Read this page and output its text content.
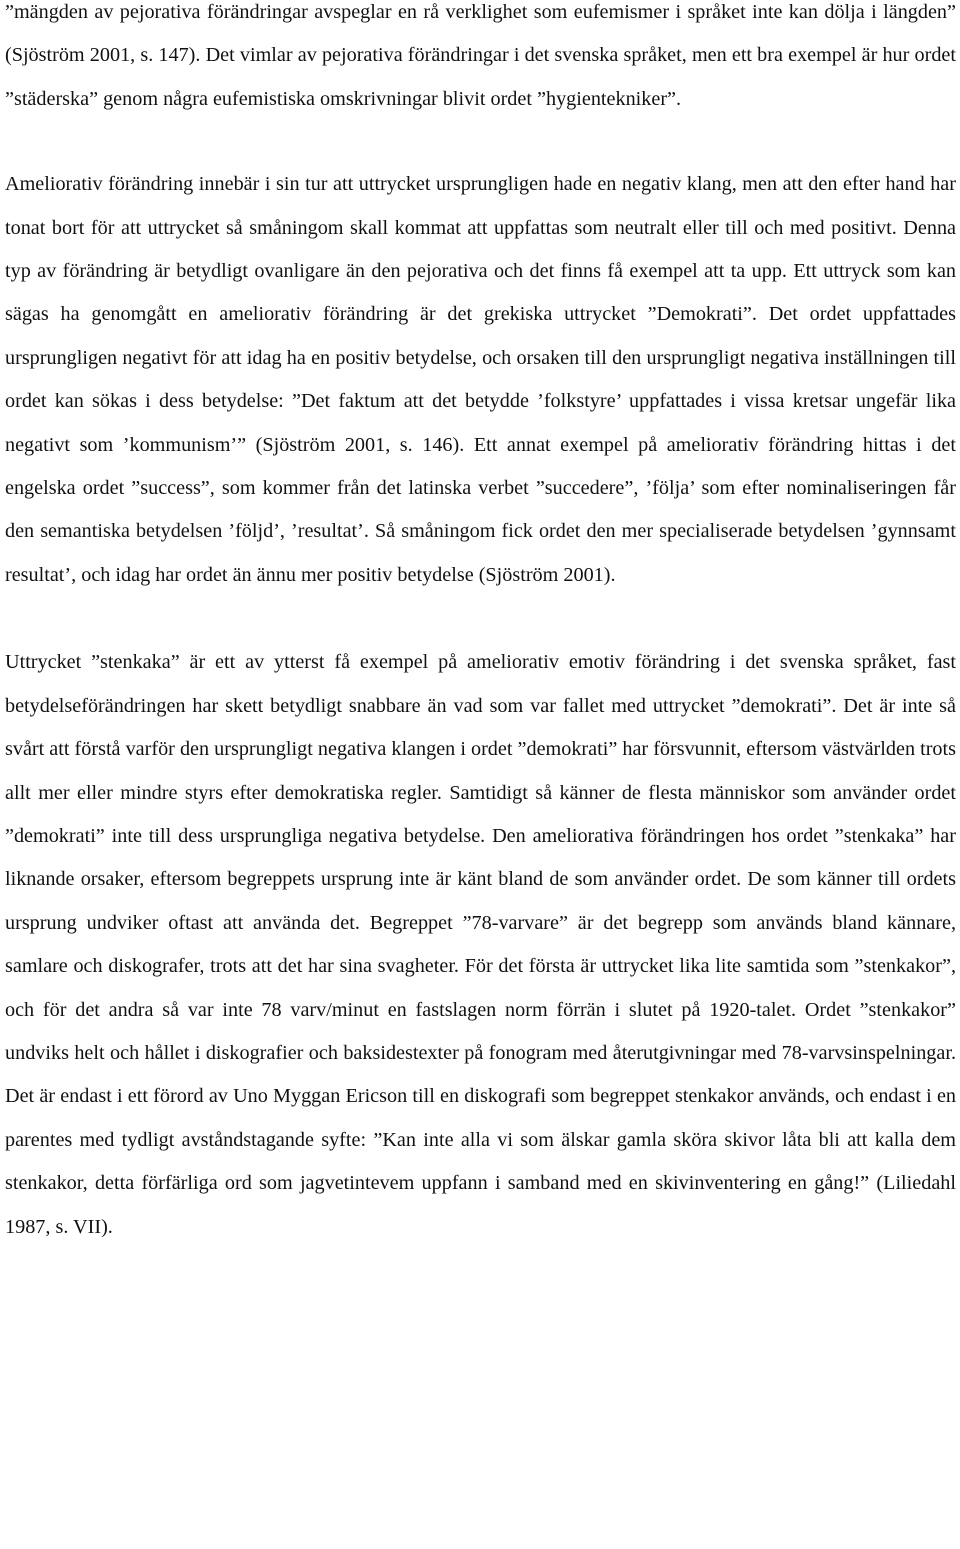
”mängden av pejorativa förändringar avspeglar en rå verklighet som eufemismer i språket inte kan dölja i längden” (Sjöström 2001, s. 147). Det vimlar av pejorativa förändringar i det svenska språket, men ett bra exempel är hur ordet ”städerska” genom några eufemistiska omskrivningar blivit ordet ”hygientekniker”.

Ameliorativ förändring innebär i sin tur att uttrycket ursprungligen hade en negativ klang, men att den efter hand har tonat bort för att uttrycket så småningom skall kommat att uppfattas som neutralt eller till och med positivt. Denna typ av förändring är betydligt ovanligare än den pejorativa och det finns få exempel att ta upp. Ett uttryck som kan sägas ha genomgått en ameliorativ förändring är det grekiska uttrycket ”Demokrati”. Det ordet uppfattades ursprungligen negativt för att idag ha en positiv betydelse, och orsaken till den ursprungligt negativa inställningen till ordet kan sökas i dess betydelse: ”Det faktum att det betydde ’folkstyre’ uppfattades i vissa kretsar ungefär lika negativt som ’kommunism’” (Sjöström 2001, s. 146). Ett annat exempel på ameliorativ förändring hittas i det engelska ordet ”success”, som kommer från det latinska verbet ”succedere”, ’följa’ som efter nominaliseringen får den semantiska betydelsen ’följd’, ’resultat’. Så småningom fick ordet den mer specialiserade betydelsen ’gynnsamt resultat’, och idag har ordet än ännu mer positiv betydelse (Sjöström 2001).

Uttrycket ”stenkaka” är ett av ytterst få exempel på ameliorativ emotiv förändring i det svenska språket, fast betydelseförändringen har skett betydligt snabbare än vad som var fallet med uttrycket ”demokrati”. Det är inte så svårt att förstå varför den ursprungligt negativa klangen i ordet ”demokrati” har försvunnit, eftersom västvärlden trots allt mer eller mindre styrs efter demokratiska regler. Samtidigt så känner de flesta människor som använder ordet ”demokrati” inte till dess ursprungliga negativa betydelse. Den ameliorativa förändringen hos ordet ”stenkaka” har liknande orsaker, eftersom begreppets ursprung inte är känt bland de som använder ordet. De som känner till ordets ursprung undviker oftast att använda det. Begreppet ”78-varvare” är det begrepp som används bland kännare, samlare och diskografer, trots att det har sina svagheter. För det första är uttrycket lika lite samtida som ”stenkakor”, och för det andra så var inte 78 varv/minut en fastslagen norm förrän i slutet på 1920-talet. Ordet ”stenkakor” undviks helt och hållet i diskografier och baksidestexter på fonogram med återutgivningar med 78-varvsinspelningar. Det är endast i ett förord av Uno Myggan Ericson till en diskografi som begreppet stenkakor används, och endast i en parentes med tydligt avståndstagande syfte: ”Kan inte alla vi som älskar gamla sköra skivor låta bli att kalla dem stenkakor, detta förfärliga ord som jagvetintevem uppfann i samband med en skivinventering en gång!” (Liliedahl 1987, s. VII).
